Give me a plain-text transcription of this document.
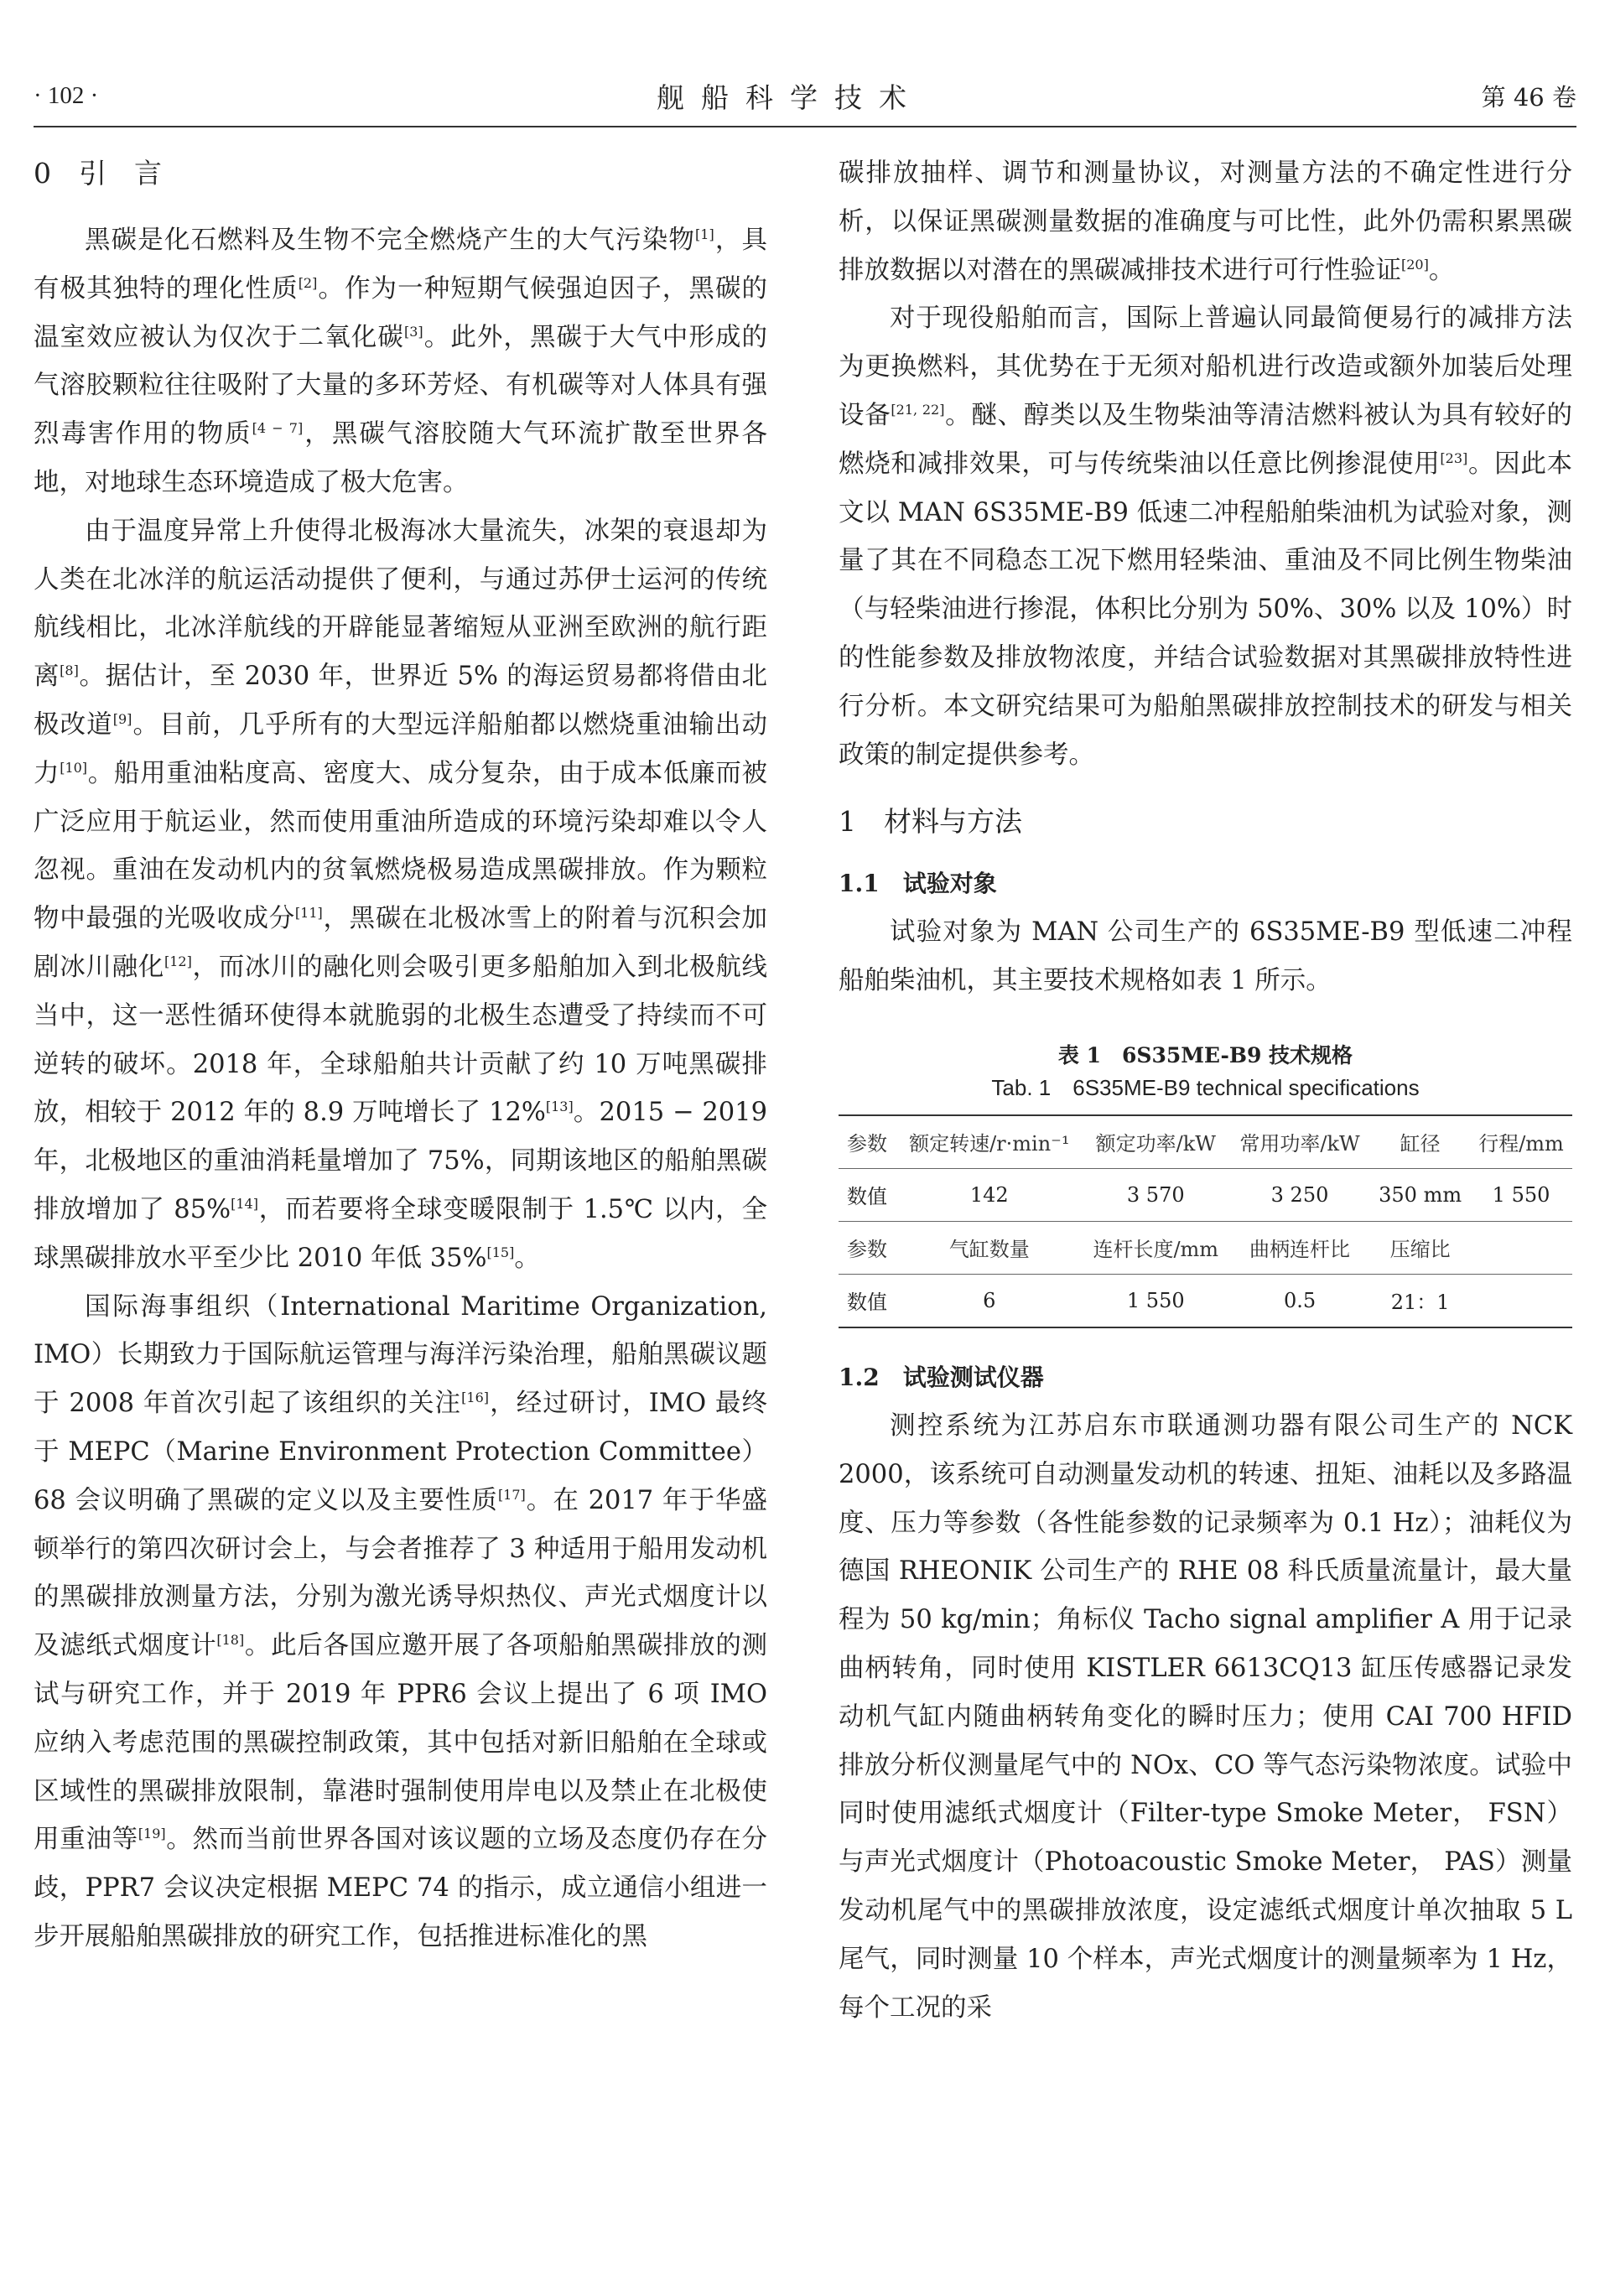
· 102 ·	舰船科学技术	第 46 卷
0　引　言

黑碳是化石燃料及生物不完全燃烧产生的大气污染物[1]，具有极其独特的理化性质[2]。作为一种短期气候强迫因子，黑碳的温室效应被认为仅次于二氧化碳[3]。此外，黑碳于大气中形成的气溶胶颗粒往往吸附了大量的多环芳烃、有机碳等对人体具有强烈毒害作用的物质[4 − 7]，黑碳气溶胶随大气环流扩散至世界各地，对地球生态环境造成了极大危害。

由于温度异常上升使得北极海冰大量流失，冰架的衰退却为人类在北冰洋的航运活动提供了便利，与通过苏伊士运河的传统航线相比，北冰洋航线的开辟能显著缩短从亚洲至欧洲的航行距离[8]。据估计，至 2030 年，世界近 5% 的海运贸易都将借由北极改道[9]。目前，几乎所有的大型远洋船舶都以燃烧重油输出动力[10]。船用重油粘度高、密度大、成分复杂，由于成本低廉而被广泛应用于航运业，然而使用重油所造成的环境污染却难以令人忽视。重油在发动机内的贫氧燃烧极易造成黑碳排放。作为颗粒物中最强的光吸收成分[11]，黑碳在北极冰雪上的附着与沉积会加剧冰川融化[12]，而冰川的融化则会吸引更多船舶加入到北极航线当中，这一恶性循环使得本就脆弱的北极生态遭受了持续而不可逆转的破坏。2018 年，全球船舶共计贡献了约 10 万吨黑碳排放，相较于 2012 年的 8.9 万吨增长了 12%[13]。2015 − 2019 年，北极地区的重油消耗量增加了 75%，同期该地区的船舶黑碳排放增加了 85%[14]，而若要将全球变暖限制于 1.5℃ 以内，全球黑碳排放水平至少比 2010 年低 35%[15]。

国际海事组织（International Maritime Organization, IMO）长期致力于国际航运管理与海洋污染治理，船舶黑碳议题于 2008 年首次引起了该组织的关注[16]，经过研讨，IMO 最终于 MEPC（Marine Environment Protection Committee）68 会议明确了黑碳的定义以及主要性质[17]。在 2017 年于华盛顿举行的第四次研讨会上，与会者推荐了 3 种适用于船用发动机的黑碳排放测量方法，分别为激光诱导炽热仪、声光式烟度计以及滤纸式烟度计[18]。此后各国应邀开展了各项船舶黑碳排放的测试与研究工作，并于 2019 年 PPR6 会议上提出了 6 项 IMO 应纳入考虑范围的黑碳控制政策，其中包括对新旧船舶在全球或区域性的黑碳排放限制，靠港时强制使用岸电以及禁止在北极使用重油等[19]。然而当前世界各国对该议题的立场及态度仍存在分歧，PPR7 会议决定根据 MEPC 74 的指示，成立通信小组进一步开展船舶黑碳排放的研究工作，包括推进标准化的黑

碳排放抽样、调节和测量协议，对测量方法的不确定性进行分析，以保证黑碳测量数据的准确度与可比性，此外仍需积累黑碳排放数据以对潜在的黑碳减排技术进行可行性验证[20]。

对于现役船舶而言，国际上普遍认同最简便易行的减排方法为更换燃料，其优势在于无须对船机进行改造或额外加装后处理设备[21, 22]。醚、醇类以及生物柴油等清洁燃料被认为具有较好的燃烧和减排效果，可与传统柴油以任意比例掺混使用[23]。因此本文以 MAN 6S35ME-B9 低速二冲程船舶柴油机为试验对象，测量了其在不同稳态工况下燃用轻柴油、重油及不同比例生物柴油（与轻柴油进行掺混，体积比分别为 50%、30% 以及 10%）时的性能参数及排放物浓度，并结合试验数据对其黑碳排放特性进行分析。本文研究结果可为船舶黑碳排放控制技术的研发与相关政策的制定提供参考。

1　材料与方法
1.1　试验对象

试验对象为 MAN 公司生产的 6S35ME-B9 型低速二冲程船舶柴油机，其主要技术规格如表 1 所示。

表 1　6S35ME-B9 技术规格
Tab. 1　6S35ME-B9 technical specifications
参数	额定转速/r·min⁻¹	额定功率/kW	常用功率/kW	缸径	行程/mm
数值	142	3 570	3 250	350 mm	1 550
参数	气缸数量	连杆长度/mm	曲柄连杆比	压缩比	
数值	6	1 550	0.5	21：1	
1.2　试验测试仪器

测控系统为江苏启东市联通测功器有限公司生产的 NCK 2000，该系统可自动测量发动机的转速、扭矩、油耗以及多路温度、压力等参数（各性能参数的记录频率为 0.1 Hz）；油耗仪为德国 RHEONIK 公司生产的 RHE 08 科氏质量流量计，最大量程为 50 kg/min；角标仪 Tacho signal amplifier A 用于记录曲柄转角，同时使用 KISTLER 6613CQ13 缸压传感器记录发动机气缸内随曲柄转角变化的瞬时压力；使用 CAI 700 HFID 排放分析仪测量尾气中的 NOx、CO 等气态污染物浓度。试验中同时使用滤纸式烟度计（Filter-type Smoke Meter， FSN）与声光式烟度计（Photoacoustic Smoke Meter， PAS）测量发动机尾气中的黑碳排放浓度，设定滤纸式烟度计单次抽取 5 L 尾气，同时测量 10 个样本，声光式烟度计的测量频率为 1 Hz，每个工况的采
